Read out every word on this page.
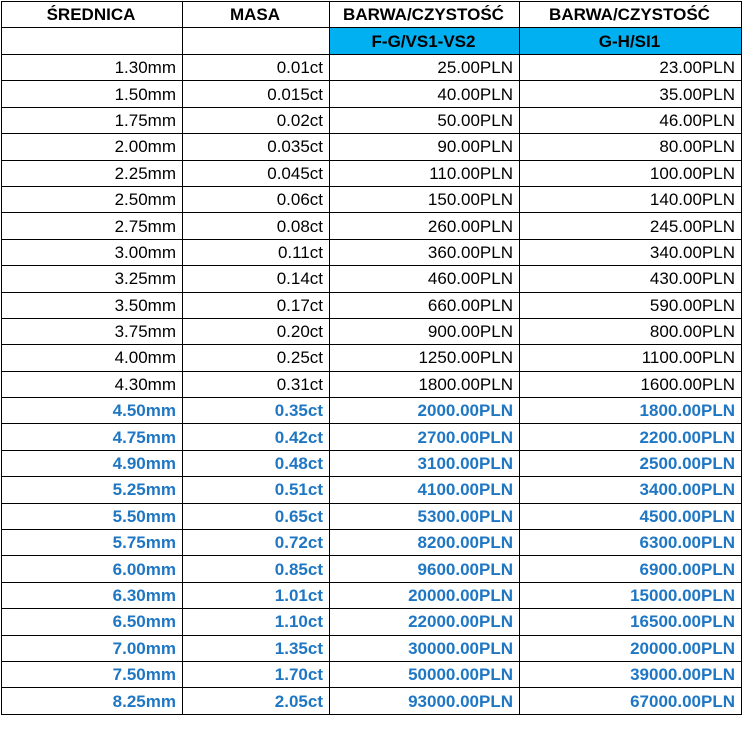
ŚREDNICA	MASA	BARWA/CZYSTOŚĆ	BARWA/CZYSTOŚĆ
		F-G/VS1-VS2	G-H/SI1
1.30mm	0.01ct	25.00PLN	23.00PLN
1.50mm	0.015ct	40.00PLN	35.00PLN
1.75mm	0.02ct	50.00PLN	46.00PLN
2.00mm	0.035ct	90.00PLN	80.00PLN
2.25mm	0.045ct	110.00PLN	100.00PLN
2.50mm	0.06ct	150.00PLN	140.00PLN
2.75mm	0.08ct	260.00PLN	245.00PLN
3.00mm	0.11ct	360.00PLN	340.00PLN
3.25mm	0.14ct	460.00PLN	430.00PLN
3.50mm	0.17ct	660.00PLN	590.00PLN
3.75mm	0.20ct	900.00PLN	800.00PLN
4.00mm	0.25ct	1250.00PLN	1100.00PLN
4.30mm	0.31ct	1800.00PLN	1600.00PLN
4.50mm	0.35ct	2000.00PLN	1800.00PLN
4.75mm	0.42ct	2700.00PLN	2200.00PLN
4.90mm	0.48ct	3100.00PLN	2500.00PLN
5.25mm	0.51ct	4100.00PLN	3400.00PLN
5.50mm	0.65ct	5300.00PLN	4500.00PLN
5.75mm	0.72ct	8200.00PLN	6300.00PLN
6.00mm	0.85ct	9600.00PLN	6900.00PLN
6.30mm	1.01ct	20000.00PLN	15000.00PLN
6.50mm	1.10ct	22000.00PLN	16500.00PLN
7.00mm	1.35ct	30000.00PLN	20000.00PLN
7.50mm	1.70ct	50000.00PLN	39000.00PLN
8.25mm	2.05ct	93000.00PLN	67000.00PLN
